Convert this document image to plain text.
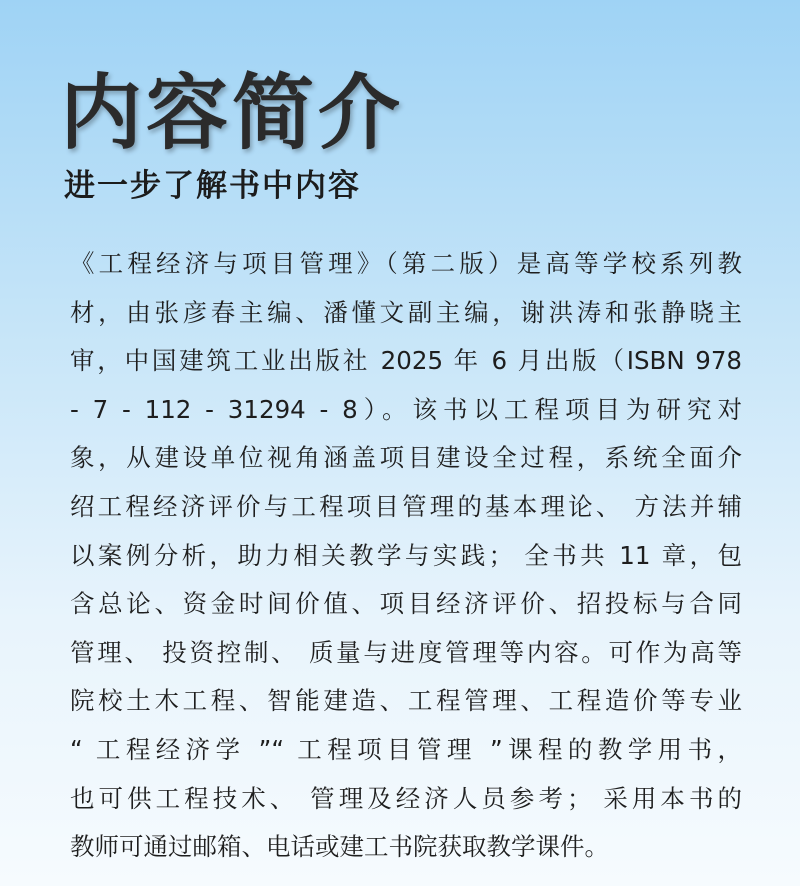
内容简介
进一步了解书中内容
《工程经济与项目管理》（第二版）是高等学校系列教
材，由张彦春主编、潘懂文副主编，谢洪涛和张静晓主
审，中国建筑工业出版社 2025 年 6 月出版（ISBN 978
- 7 - 112 - 31294 - 8）。该书以工程项目为研究对
象，从建设单位视角涵盖项目建设全过程，系统全面介
绍工程经济评价与工程项目管理的基本理论、 方法并辅
以案例分析，助力相关教学与实践； 全书共 11 章，包
含总论、资金时间价值、项目经济评价、招投标与合同
管理、 投资控制、 质量与进度管理等内容。可作为高等
院校土木工程、智能建造、工程管理、工程造价等专业
“ 工程经济学 ”“ 工程项目管理 ”课程的教学用书，
也可供工程技术、 管理及经济人员参考； 采用本书的
教师可通过邮箱、电话或建工书院获取教学课件。
